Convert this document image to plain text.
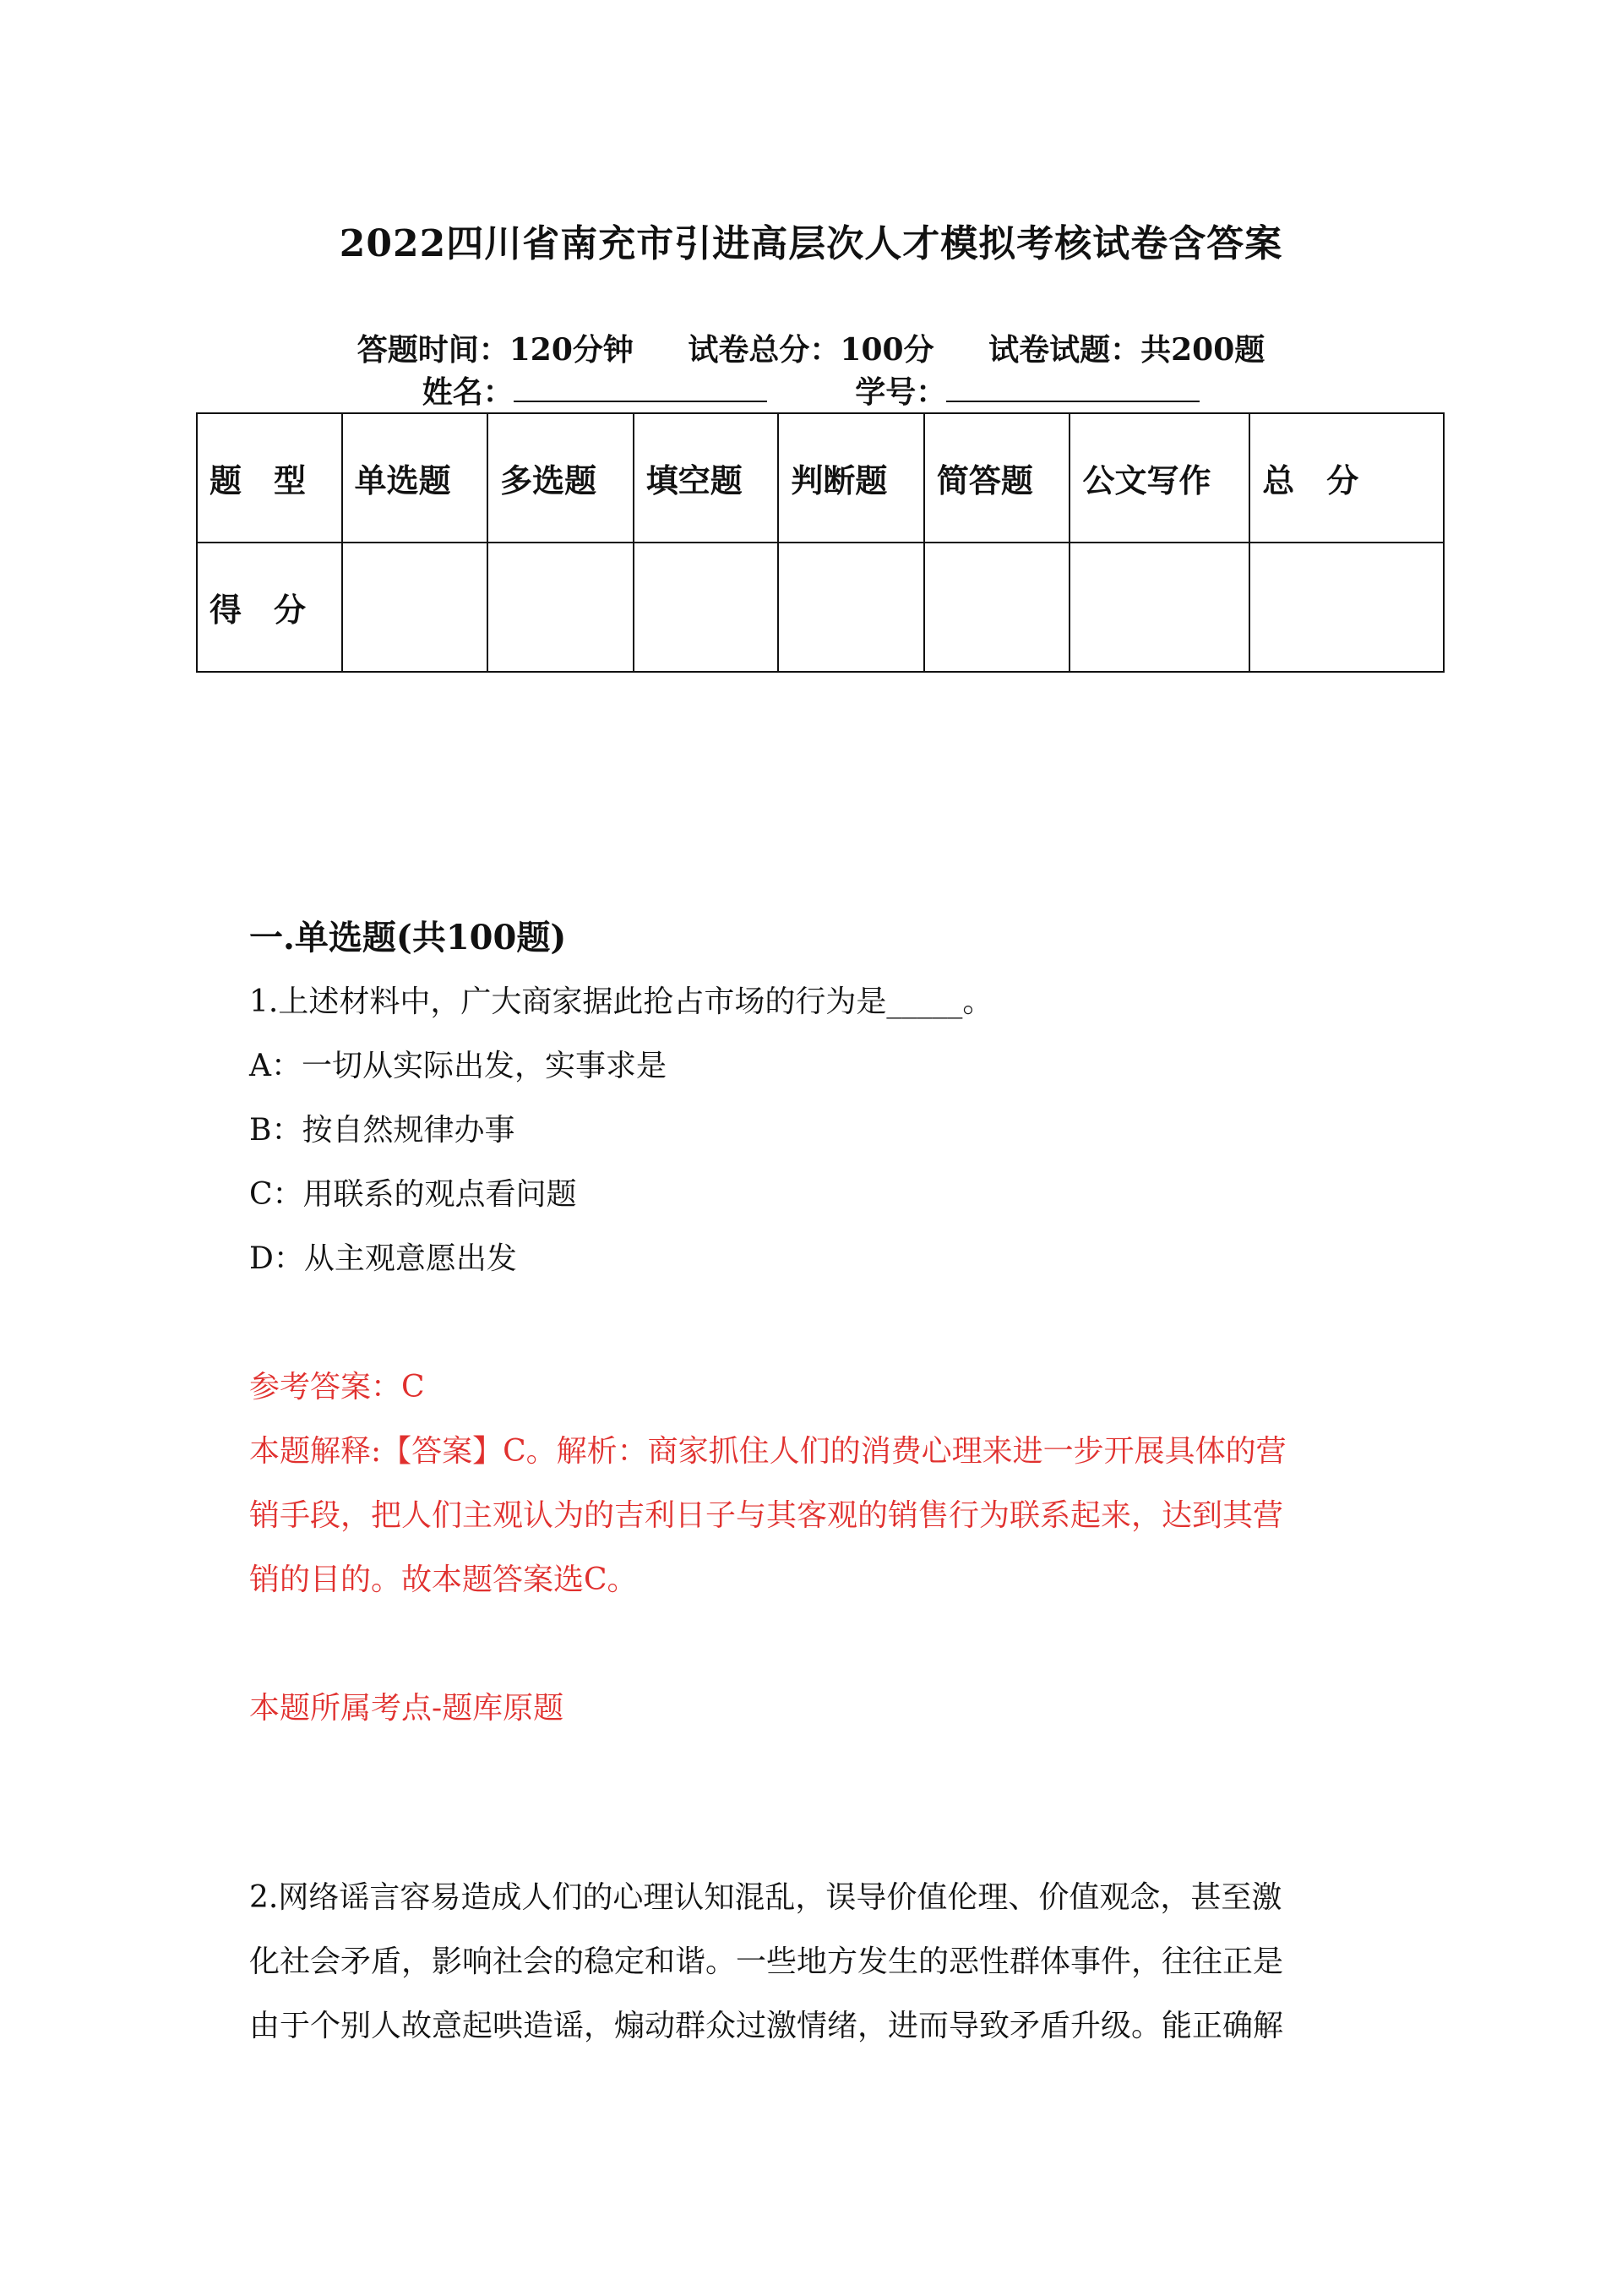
2022四川省南充市引进高层次人才模拟考核试卷含答案
答题时间：120分钟 试卷总分：100分 试卷试题：共200题
姓名：	学号：
题　型	单选题	多选题	填空题	判断题	简答题	公文写作	总　分

得　分							
一.单选题(共100题)
1.上述材料中，广大商家据此抢占市场的行为是_____。
A：一切从实际出发，实事求是
B：按自然规律办事
C：用联系的观点看问题
D：从主观意愿出发
参考答案：C
本题解释:【答案】C。解析：商家抓住人们的消费心理来进一步开展具体的营
销手段，把人们主观认为的吉利日子与其客观的销售行为联系起来，达到其营
销的目的。故本题答案选C。
本题所属考点-题库原题
2.网络谣言容易造成人们的心理认知混乱，误导价值伦理、价值观念，甚至激
化社会矛盾，影响社会的稳定和谐。一些地方发生的恶性群体事件，往往正是
由于个别人故意起哄造谣，煽动群众过激情绪，进而导致矛盾升级。能正确解
